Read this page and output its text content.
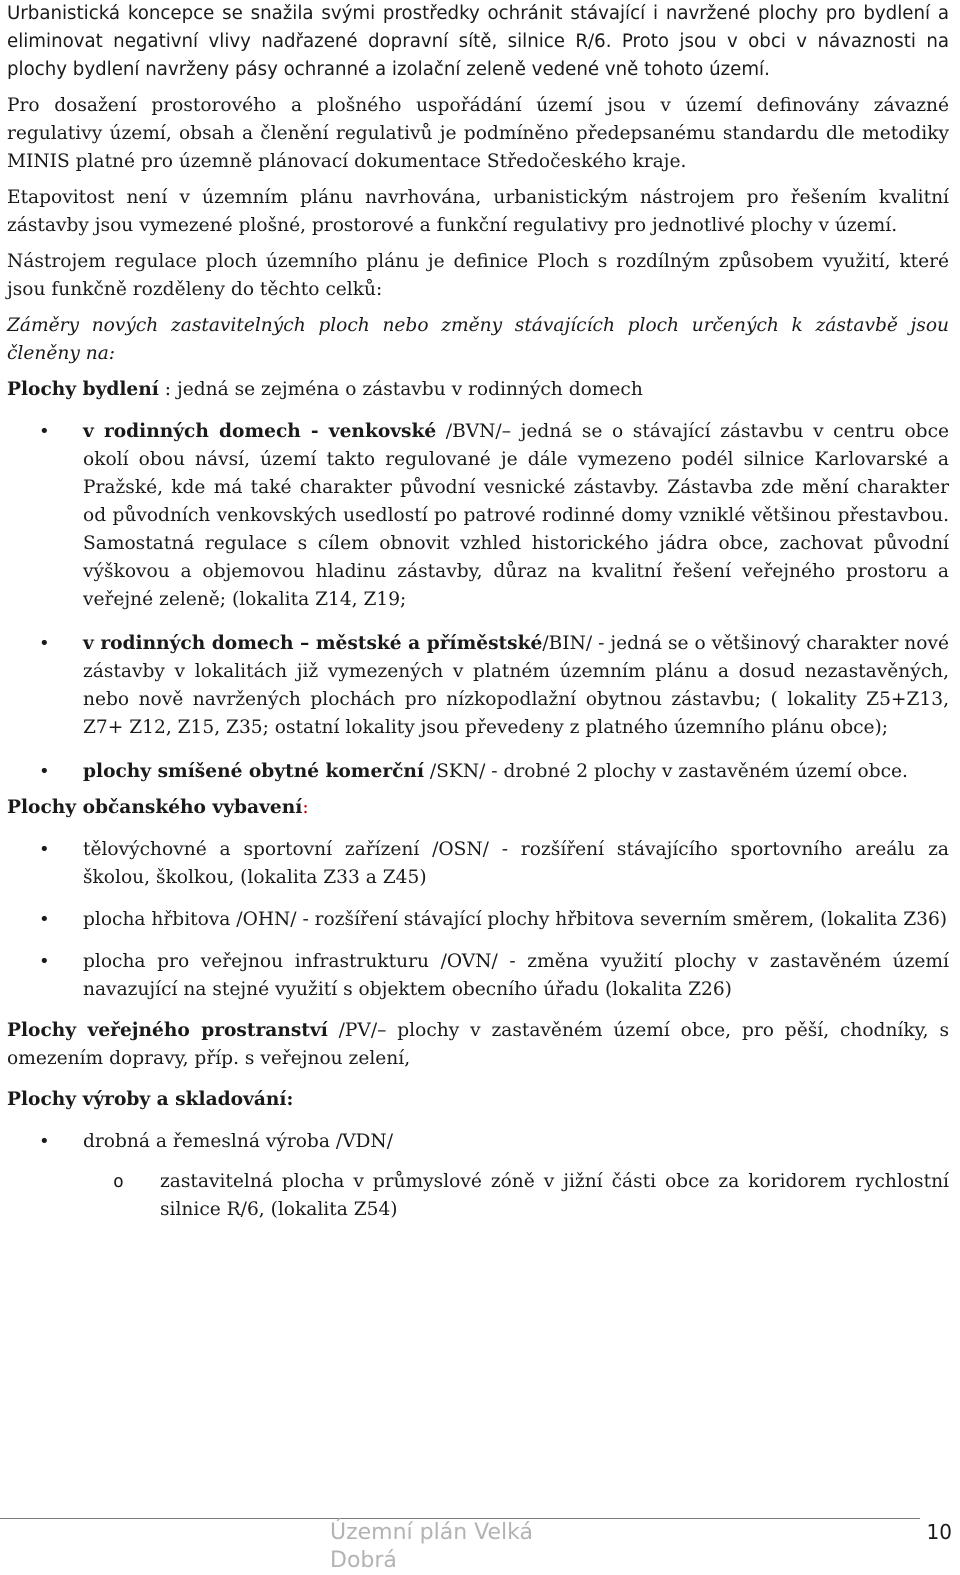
Urbanistická koncepce se snažila svými prostředky ochránit stávající i navržené plochy pro bydlení a eliminovat negativní vlivy nadřazené dopravní sítě, silnice R/6. Proto jsou v obci v návaznosti na plochy bydlení navrženy pásy ochranné a izolační zeleně vedené vně tohoto území.

Pro dosažení prostorového a plošného uspořádání území jsou v území definovány závazné regulativy území, obsah a členění regulativů je podmíněno předepsanému standardu dle metodiky MINIS platné pro územně plánovací dokumentace Středočeského kraje.

Etapovitost není v územním plánu navrhována, urbanistickým nástrojem pro řešením kvalitní zástavby jsou vymezené plošné, prostorové a funkční regulativy pro jednotlivé plochy v území.

Nástrojem regulace ploch územního plánu je definice Ploch s rozdílným způsobem využití, které jsou funkčně rozděleny do těchto celků:

Záměry nových zastavitelných ploch nebo změny stávajících ploch určených k zástavbě jsou členěny na:

Plochy bydlení : jedná se zejména o zástavbu v rodinných domech

• v rodinných domech - venkovské /BVN/– jedná se o stávající zástavbu v centru obce okolí obou návsí, území takto regulované je dále vymezeno podél silnice Karlovarské a Pražské, kde má také charakter původní vesnické zástavby. Zástavba zde mění charakter od původních venkovských usedlostí po patrové rodinné domy vzniklé většinou přestavbou. Samostatná regulace s cílem obnovit vzhled historického jádra obce, zachovat původní výškovou a objemovou hladinu zástavby, důraz na kvalitní řešení veřejného prostoru a veřejné zeleně; (lokalita Z14, Z19;
• v rodinných domech – městské a příměstské/BIN/ - jedná se o většinový charakter nové zástavby v lokalitách již vymezených v platném územním plánu a dosud nezastavěných, nebo nově navržených plochách pro nízkopodlažní obytnou zástavbu; ( lokality Z5+Z13, Z7+ Z12, Z15, Z35; ostatní lokality jsou převedeny z platného územního plánu obce);
• plochy smíšené obytné komerční /SKN/ - drobné 2 plochy v zastavěném území obce.

Plochy občanského vybavení:

• tělovýchovné a sportovní zařízení /OSN/ - rozšíření stávajícího sportovního areálu za školou, školkou, (lokalita Z33 a Z45)
• plocha hřbitova /OHN/ - rozšíření stávající plochy hřbitova severním směrem, (lokalita Z36)
• plocha pro veřejnou infrastrukturu /OVN/ - změna využití plochy v zastavěném území navazující na stejné využití s objektem obecního úřadu (lokalita Z26)

Plochy veřejného prostranství /PV/– plochy v zastavěném území obce, pro pěší, chodníky, s omezením dopravy, příp. s veřejnou zelení,

Plochy výroby a skladování:

• drobná a řemeslná výroba /VDN/
o zastavitelná plocha v průmyslové zóně v jižní části obce za koridorem rychlostní silnice R/6, (lokalita Z54)
Územní plán Velká Dobrá
10
